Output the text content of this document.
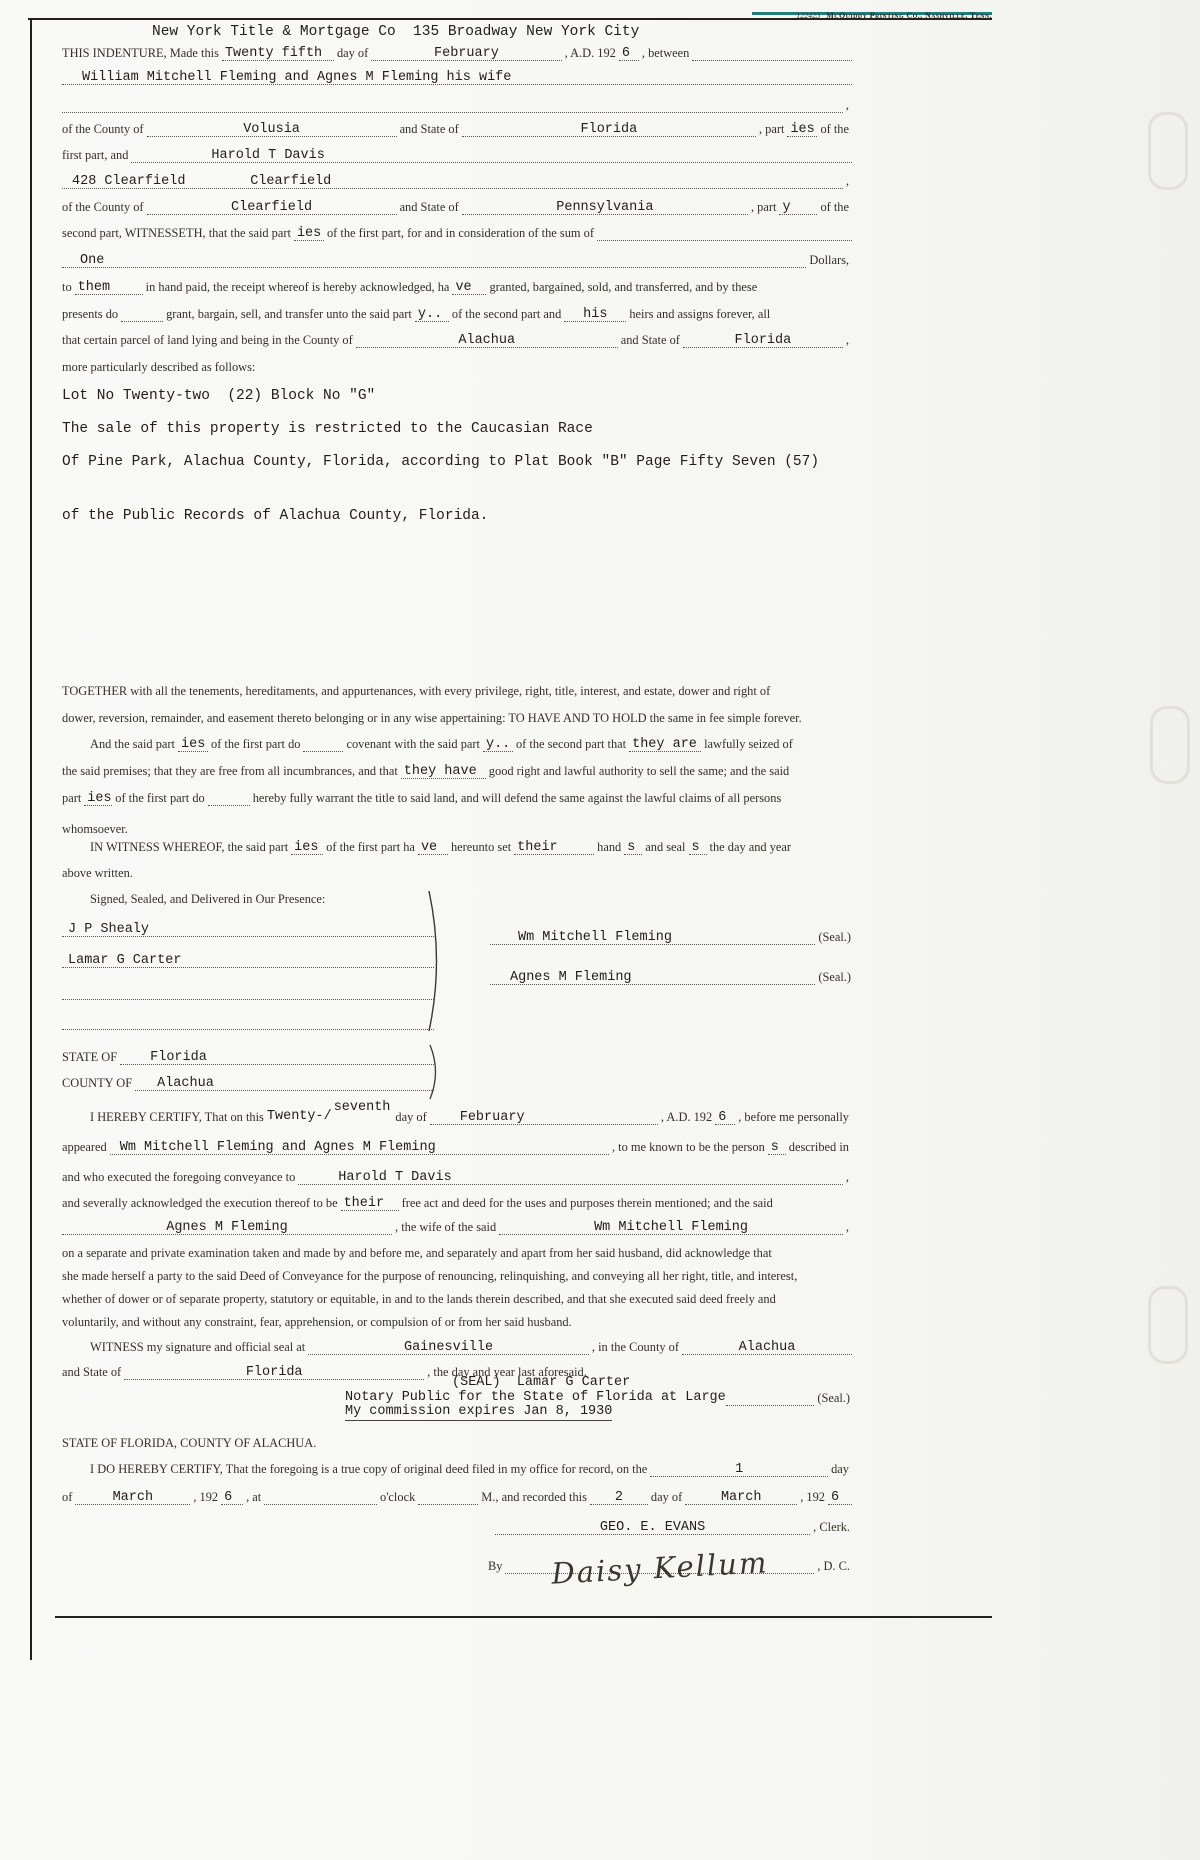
122425 McQuiddy Printing Co., Nashville, Tenn.
New York Title & Mortgage Co  135 Broadway New York City
THIS INDENTURE, Made this Twenty fifth day of	February	, A.D. 192 6 , between
William Mitchell Fleming and Agnes M Fleming his wife
,
of the County of	Volusia	and State of	Florida	, part ies of the
first part, and	Harold T Davis
428 Clearfield        Clearfield	,
of the County of	Clearfield	and State of	Pennsylvania	, part y of the
second part, WITNESSETH, that the said part ies of the first part, for and in consideration of the sum of
One	Dollars,
to them	in hand paid, the receipt whereof is hereby acknowledged, ha ve granted, bargained, sold, and transferred, and by these
presents do	grant, bargain, sell, and transfer unto the said part y.. of the second part and his heirs and assigns forever, all
that certain parcel of land lying and being in the County of	Alachua	and State of	Florida	,
more particularly described as follows:
Lot No Twenty-two  (22) Block No "G"
The sale of this property is restricted to the Caucasian Race
Of Pine Park, Alachua County, Florida, according to Plat Book "B" Page Fifty Seven (57)
of the Public Records of Alachua County, Florida.
TOGETHER with all the tenements, hereditaments, and appurtenances, with every privilege, right, title, interest, and estate, dower and right of
dower, reversion, remainder, and easement thereto belonging or in any wise appertaining: TO HAVE AND TO HOLD the same in fee simple forever.
And the said part ies of the first part do	covenant with the said part y.. of the second part that they are lawfully seized of
the said premises; that they are free from all incumbrances, and that they have good right and lawful authority to sell the same; and the said
part ies of the first part do	hereby fully warrant the title to said land, and will defend the same against the lawful claims of all persons
whomsoever.
IN WITNESS WHEREOF, the said part ies of the first part ha ve hereunto set their	hand s and seal s the day and year
above written.
Signed, Sealed, and Delivered in Our Presence:
J P Shealy
Lamar G Carter
Wm Mitchell Fleming	(Seal.)
Agnes M Fleming	(Seal.)
STATE OF Florida
COUNTY OF Alachua
I HEREBY CERTIFY, That on this Twenty-/
seventh
day of February	, A.D. 192 6 , before me personally
appeared Wm Mitchell Fleming and Agnes M Fleming	, to me known to be the person s described in
and who executed the foregoing conveyance to	Harold T Davis	,
and severally acknowledged the execution thereof to be their free act and deed for the uses and purposes therein mentioned; and the said
Agnes M Fleming	, the wife of the said	Wm Mitchell Fleming	,
on a separate and private examination taken and made by and before me, and separately and apart from her said husband, did acknowledge that
she made herself a party to the said Deed of Conveyance for the purpose of renouncing, relinquishing, and conveying all her right, title, and interest,
whether of dower or of separate property, statutory or equitable, in and to the lands therein described, and that she executed said deed freely and
voluntarily, and without any constraint, fear, apprehension, or compulsion of or from her said husband.
WITNESS my signature and official seal at	Gainesville	, in the County of	Alachua
and State of	Florida	, the day and year last aforesaid.
(SEAL)  Lamar G Carter
Notary Public for the State of Florida at Large	(Seal.)
My commission expires Jan 8, 1930
STATE OF FLORIDA, COUNTY OF ALACHUA.
I DO HEREBY CERTIFY, That the foregoing is a true copy of original deed filed in my office for record, on the	1	day
of	March	, 192 6 , at	o'clock	M., and recorded this 2 day of	March	, 192 6
GEO. E. EVANS	, Clerk.
By Daisy Kellum	, D. C.
